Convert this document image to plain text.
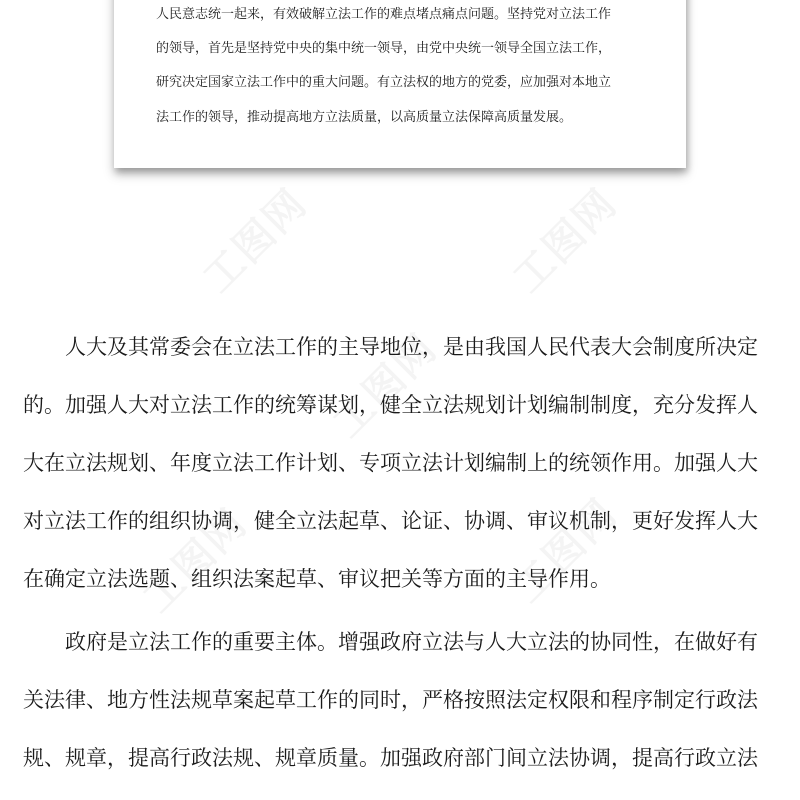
人民意志统一起来，有效破解立法工作的难点堵点痛点问题。坚持党对立法工作
的领导，首先是坚持党中央的集中统一领导，由党中央统一领导全国立法工作，
研究决定国家立法工作中的重大问题。有立法权的地方的党委，应加强对本地立
法工作的领导，推动提高地方立法质量，以高质量立法保障高质量发展。
　　人大及其常委会在立法工作的主导地位，是由我国人民代表大会制度所决定
的。加强人大对立法工作的统筹谋划，健全立法规划计划编制制度，充分发挥人
大在立法规划、年度立法工作计划、专项立法计划编制上的统领作用。加强人大
对立法工作的组织协调，健全立法起草、论证、协调、审议机制，更好发挥人大
在确定立法选题、组织法案起草、审议把关等方面的主导作用。
　　政府是立法工作的重要主体。增强政府立法与人大立法的协同性，在做好有
关法律、地方性法规草案起草工作的同时，严格按照法定权限和程序制定行政法
规、规章，提高行政法规、规章质量。加强政府部门间立法协调，提高行政立法
